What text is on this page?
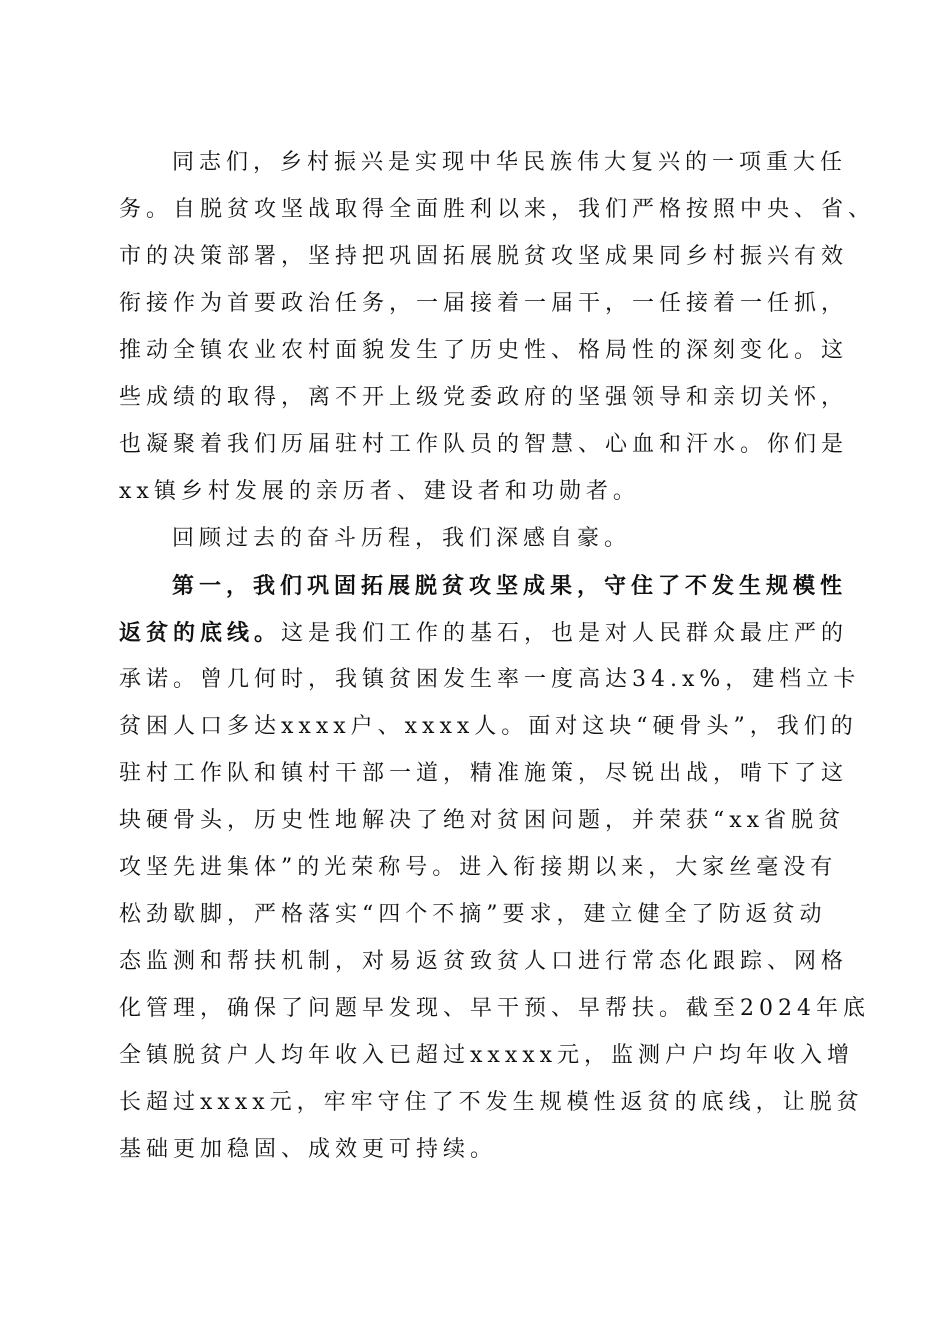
同志们，乡村振兴是实现中华民族伟大复兴的一项重大任
务。自脱贫攻坚战取得全面胜利以来，我们严格按照中央、省、
市的决策部署，坚持把巩固拓展脱贫攻坚成果同乡村振兴有效
衔接作为首要政治任务，一届接着一届干，一任接着一任抓，
推动全镇农业农村面貌发生了历史性、格局性的深刻变化。这
些成绩的取得，离不开上级党委政府的坚强领导和亲切关怀，
也凝聚着我们历届驻村工作队员的智慧、心血和汗水。你们是
xx镇乡村发展的亲历者、建设者和功勋者。
回顾过去的奋斗历程，我们深感自豪。
第一，我们巩固拓展脱贫攻坚成果，守住了不发生规模性
返贫的底线。这是我们工作的基石，也是对人民群众最庄严的
承诺。曾几何时，我镇贫困发生率一度高达34.x%，建档立卡
贫困人口多达xxxx户、xxxx人。面对这块“硬骨头”，我们的
驻村工作队和镇村干部一道，精准施策，尽锐出战，啃下了这
块硬骨头，历史性地解决了绝对贫困问题，并荣获“xx省脱贫
攻坚先进集体”的光荣称号。进入衔接期以来，大家丝毫没有
松劲歇脚，严格落实“四个不摘”要求，建立健全了防返贫动
态监测和帮扶机制，对易返贫致贫人口进行常态化跟踪、网格
化管理，确保了问题早发现、早干预、早帮扶。截至2024年底
全镇脱贫户人均年收入已超过xxxxx元，监测户户均年收入增
长超过xxxx元，牢牢守住了不发生规模性返贫的底线，让脱贫
基础更加稳固、成效更可持续。
